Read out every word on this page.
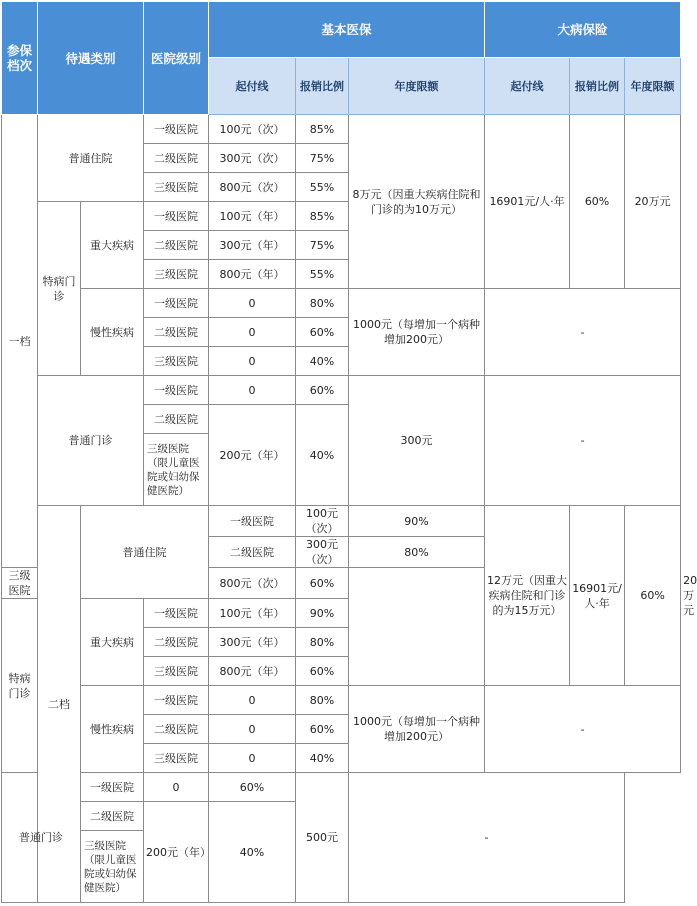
参保档次	待遇类别		医院级别	基本医保			大病保险			
				起付线	报销比例	年度限额	起付线	报销比例	年度限额	
一档	普通住院		一级医院	100元（次）	85%	8万元（因重大疾病住院和门诊的为10万元）	16901元/人·年	60%	20万元	
			二级医院	300元（次）	75%					
			三级医院	800元（次）	55%					
	特病门诊	重大疾病	一级医院	100元（年）	85%					
			二级医院	300元（年）	75%					
			三级医院	800元（年）	55%					
		慢性疾病	一级医院	0	80%	1000元（每增加一个病种增加200元）	-			
			二级医院	0	60%					
			三级医院	0	40%					
	普通门诊		一级医院	0	60%	300元	-			
			二级医院	200元（年）	40%					
			三级医院（限儿童医院或妇幼保健医院）							
	二档	普通住院		一级医院	100元（次）	90%	12万元（因重大疾病住院和门诊的为15万元）	16901元/人·年	60%	20万元
				二级医院	300元（次）	80%				
三级医院				800元（次）	60%					
特病门诊		重大疾病	一级医院	100元（年）	90%					
			二级医院	300元（年）	80%					
			三级医院	800元（年）	60%					
		慢性疾病	一级医院	0	80%	1000元（每增加一个病种增加200元）	-			
			二级医院	0	60%					
			三级医院	0	40%					
普通门诊		一级医院	0	60%	500元	-				
		二级医院	200元（年）	40%						
		三级医院（限儿童医院或妇幼保健医院）								
